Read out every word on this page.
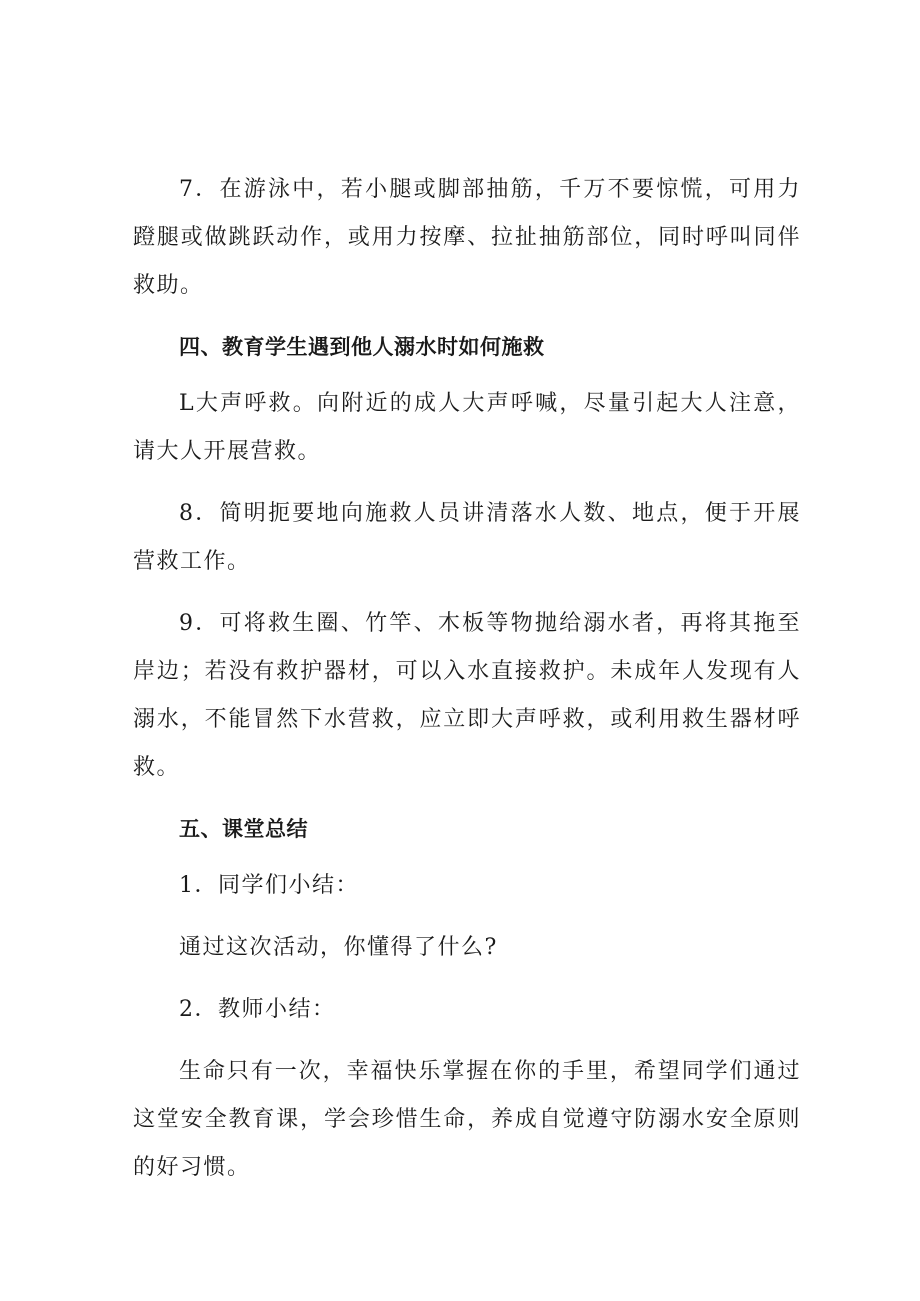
7．在游泳中，若小腿或脚部抽筋，千万不要惊慌，可用力蹬腿或做跳跃动作，或用力按摩、拉扯抽筋部位，同时呼叫同伴救助。

四、教育学生遇到他人溺水时如何施救

L大声呼救。向附近的成人大声呼喊，尽量引起大人注意，请大人开展营救。

8．简明扼要地向施救人员讲清落水人数、地点，便于开展营救工作。

9．可将救生圈、竹竿、木板等物抛给溺水者，再将其拖至岸边；若没有救护器材，可以入水直接救护。未成年人发现有人溺水，不能冒然下水营救，应立即大声呼救，或利用救生器材呼救。

五、课堂总结

1．同学们小结：

通过这次活动，你懂得了什么?

2．教师小结：

生命只有一次，幸福快乐掌握在你的手里，希望同学们通过这堂安全教育课，学会珍惜生命，养成自觉遵守防溺水安全原则的好习惯。
